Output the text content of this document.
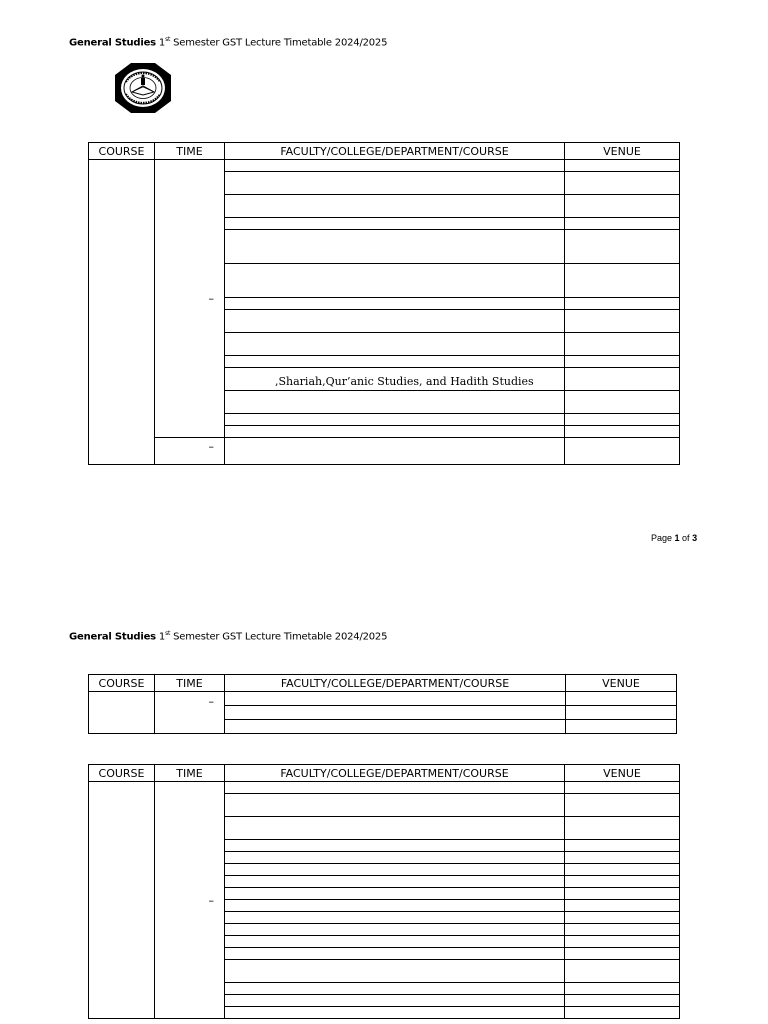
General Studies 1st Semester GST Lecture Timetable 2024/2025
COURSE	TIME	FACULTY/COLLEGE/DEPARTMENT/COURSE	VENUE
	–		

		,Shariah,Qur’anic Studies, and Hadith Studies	

	–		
Page 1 of 3
General Studies 1st Semester GST Lecture Timetable 2024/2025
COURSE	TIME	FACULTY/COLLEGE/DEPARTMENT/COURSE	VENUE
	–		

COURSE	TIME	FACULTY/COLLEGE/DEPARTMENT/COURSE	VENUE
	–		
